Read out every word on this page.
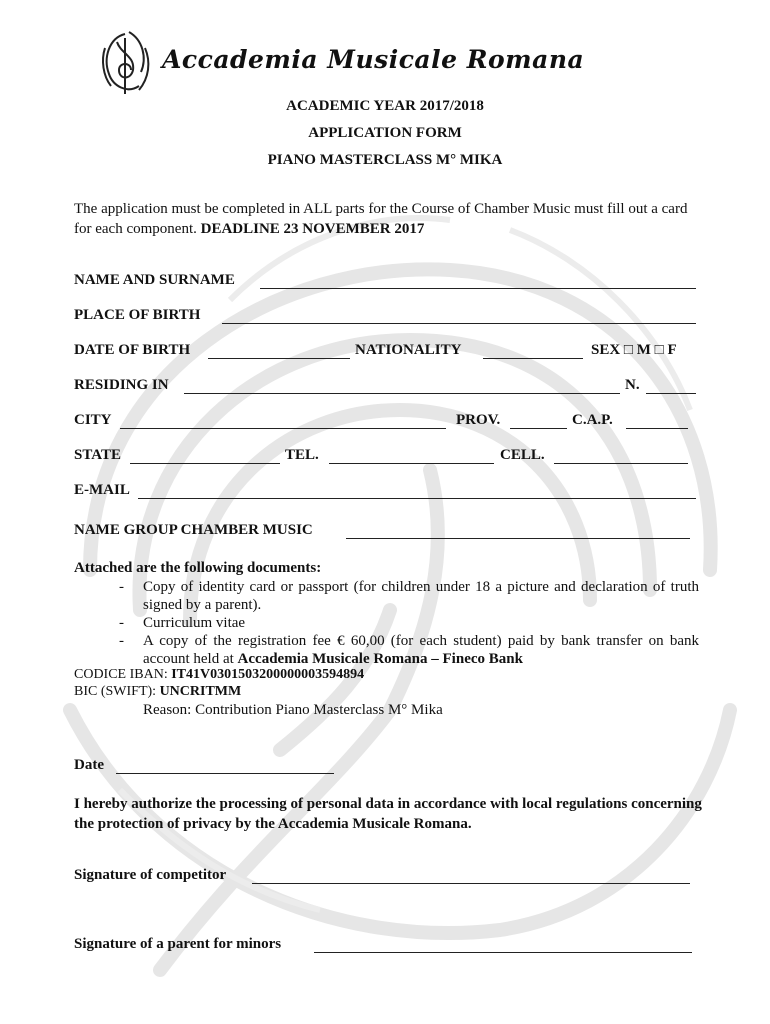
Accademia Musicale Romana
ACADEMIC YEAR 2017/2018
APPLICATION FORM
PIANO MASTERCLASS M° MIKA
The application must be completed in ALL parts for the Course of Chamber Music must fill out a card for each component. DEADLINE 23 NOVEMBER 2017
NAME AND SURNAME
PLACE OF BIRTH
DATE OF BIRTH	NATIONALITY	SEX □ M □ F
RESIDING IN	N.
CITY	PROV.	C.A.P.
STATE	TEL.	CELL.
E-MAIL
NAME GROUP CHAMBER MUSIC
Attached are the following documents:
- Copy of identity card or passport (for children under 18 a picture and declaration of truth signed by a parent).
- Curriculum vitae
- A copy of the registration fee € 60,00 (for each student) paid by bank transfer on bank account held at Accademia Musicale Romana – Fineco Bank
CODICE IBAN: IT41V0301503200000003594894
BIC (SWIFT): UNCRITMM
Reason: Contribution Piano Masterclass M° Mika
Date
I hereby authorize the processing of personal data in accordance with local regulations concerning the protection of privacy by the Accademia Musicale Romana.
Signature of competitor
Signature of a parent for minors
